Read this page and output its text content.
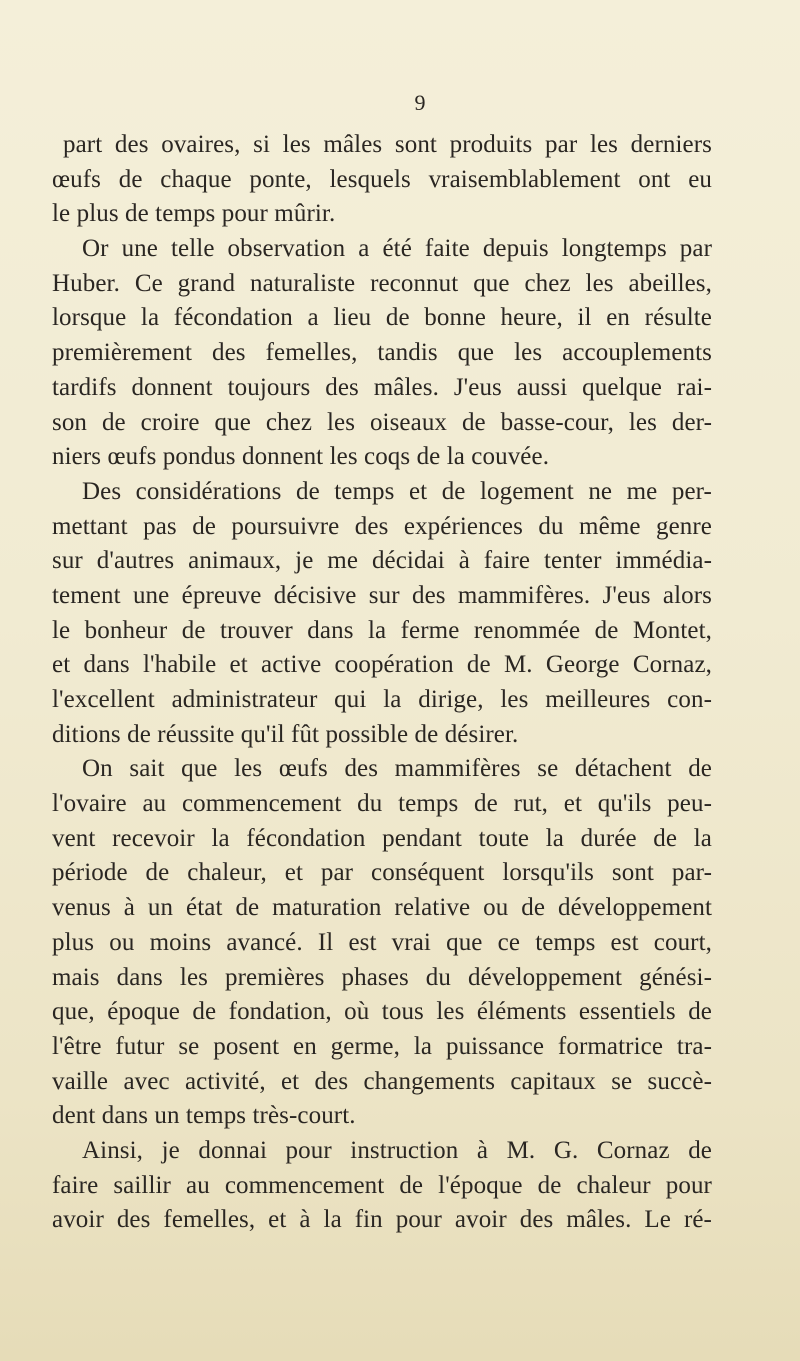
9
part des ovaires, si les mâles sont produits par les derniers
œufs de chaque ponte, lesquels vraisemblablement ont eu
le plus de temps pour mûrir.
Or une telle observation a été faite depuis longtemps par
Huber. Ce grand naturaliste reconnut que chez les abeilles,
lorsque la fécondation a lieu de bonne heure, il en résulte
premièrement des femelles, tandis que les accouplements
tardifs donnent toujours des mâles. J'eus aussi quelque rai-
son de croire que chez les oiseaux de basse-cour, les der-
niers œufs pondus donnent les coqs de la couvée.
Des considérations de temps et de logement ne me per-
mettant pas de poursuivre des expériences du même genre
sur d'autres animaux, je me décidai à faire tenter immédia-
tement une épreuve décisive sur des mammifères. J'eus alors
le bonheur de trouver dans la ferme renommée de Montet,
et dans l'habile et active coopération de M. George Cornaz,
l'excellent administrateur qui la dirige, les meilleures con-
ditions de réussite qu'il fût possible de désirer.
On sait que les œufs des mammifères se détachent de
l'ovaire au commencement du temps de rut, et qu'ils peu-
vent recevoir la fécondation pendant toute la durée de la
période de chaleur, et par conséquent lorsqu'ils sont par-
venus à un état de maturation relative ou de développement
plus ou moins avancé. Il est vrai que ce temps est court,
mais dans les premières phases du développement génési-
que, époque de fondation, où tous les éléments essentiels de
l'être futur se posent en germe, la puissance formatrice tra-
vaille avec activité, et des changements capitaux se succè-
dent dans un temps très-court.
Ainsi, je donnai pour instruction à M. G. Cornaz de
faire saillir au commencement de l'époque de chaleur pour
avoir des femelles, et à la fin pour avoir des mâles. Le ré-
